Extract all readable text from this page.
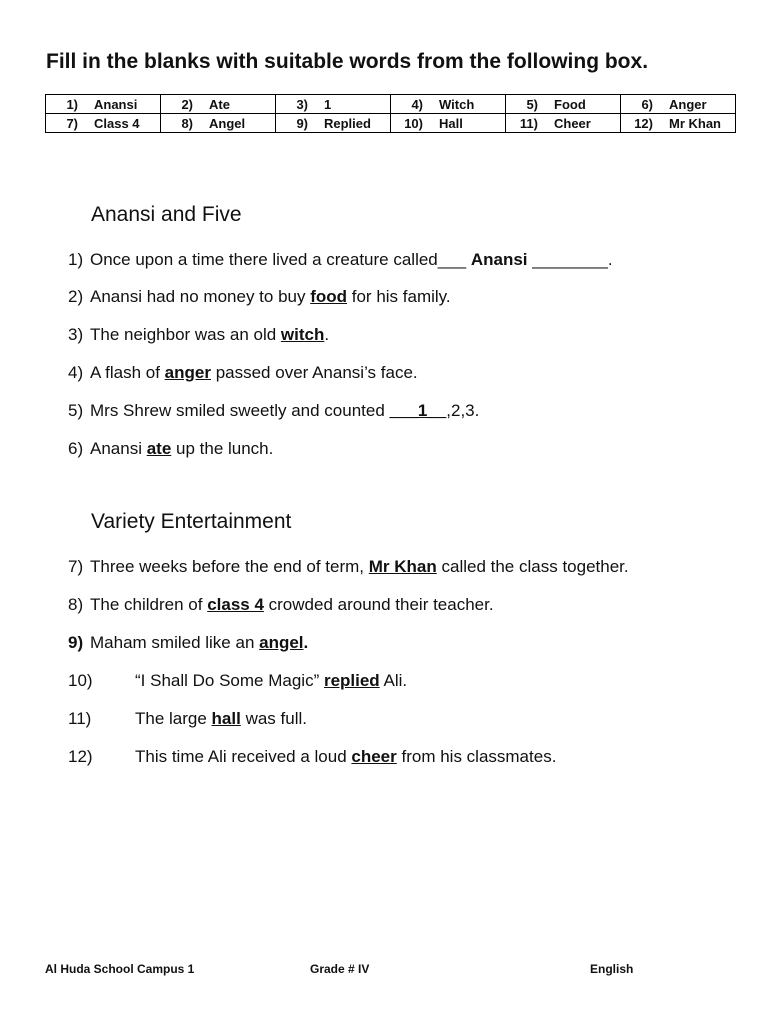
Fill in the blanks with suitable words from the following box.
1) Anansi	2) Ate	3) 1	4) Witch	5) Food	6) Anger

7) Class 4	8) Angel	9) Replied	10) Hall	11) Cheer	12) Mr Khan
Anansi and Five
1) Once upon a time there lived a creature called___ Anansi ________.
2) Anansi had no money to buy food for his family.
3) The neighbor was an old witch.
4) A flash of anger passed over Anansi’s face.
5) Mrs Shrew smiled sweetly and counted ___1__,2,3.
6) Anansi ate up the lunch.
Variety Entertainment
7) Three weeks before the end of term, Mr Khan called the class together.
8) The children of class 4 crowded around their teacher.
9) Maham smiled like an angel.
10) “I Shall Do Some Magic” replied Ali.
11)	The large hall was full.
12) This time Ali received a loud cheer from his classmates.
Al Huda School Campus 1	Grade # IV	English
